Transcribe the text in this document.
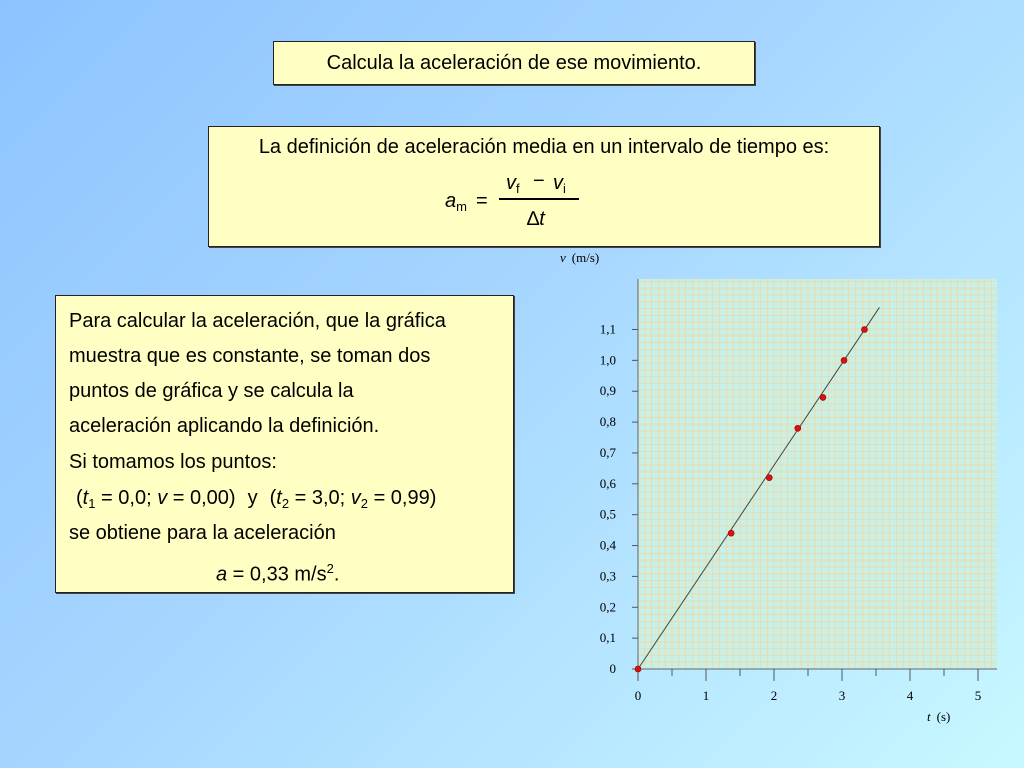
Calcula la aceleración de ese movimiento.
La definición de aceleración media en un intervalo de tiempo es:
$a_m$ =
$v_f - v_i$
∆t
Para calcular la aceleración, que la gráfica
muestra que es constante, se toman dos
puntos de gráfica y se calcula la
aceleración aplicando la definición.
Si tomamos los puntos:
($t_1 = 0,0$; v = 0,00) y ($t_2 = 3,0$; $v_2 = 0,99$)
se obtiene para la aceleración
a = 0,33 $m/s^2$.
0	1	2	3	4	5
0
0,1
0,2
0,3
0,4
0,5
0,6
0,7
0,8
0,9
1,0
1,1
v (m/s)
t (s)
